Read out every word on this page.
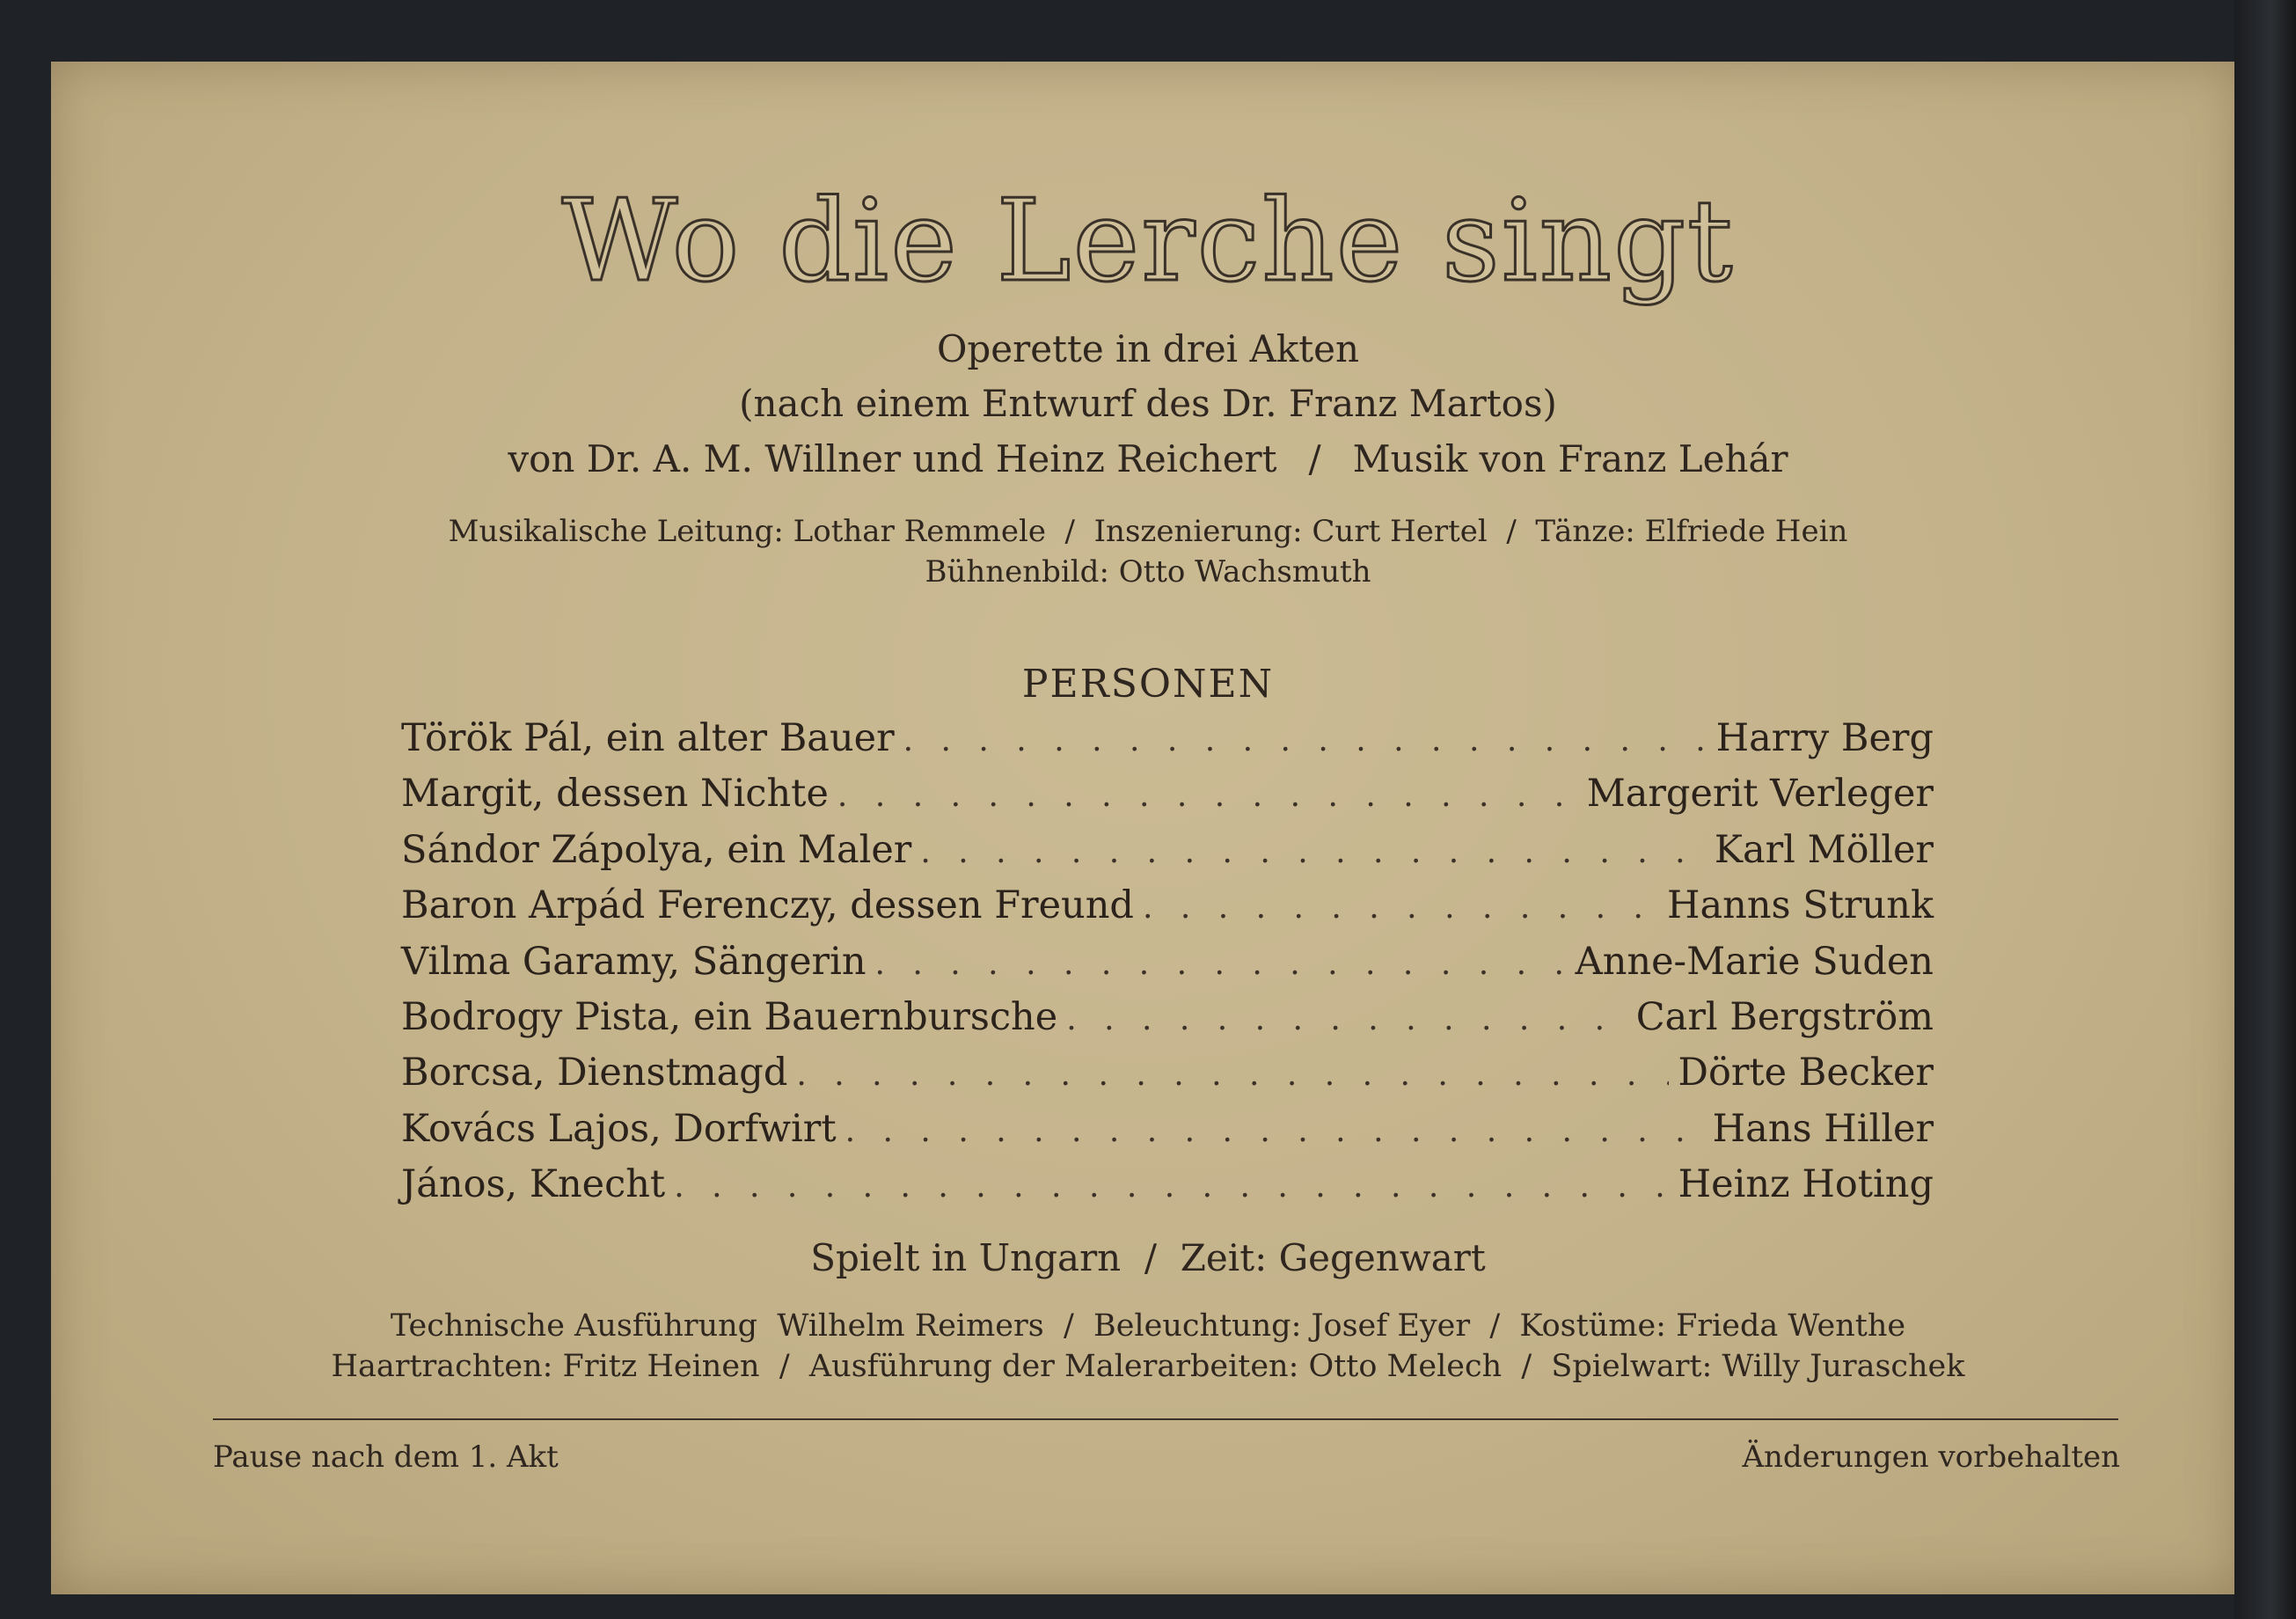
Wo die Lerche singt
Operette in drei Akten
(nach einem Entwurf des Dr. Franz Martos)
von Dr. A. M. Willner und Heinz Reichert / Musik von Franz Lehár
Musikalische Leitung: Lothar Remmele  /  Inszenierung: Curt Hertel  /  Tänze: Elfriede Hein
Bühnenbild: Otto Wachsmuth
PERSONEN
Török Pál, ein alter Bauer . . .	Harry Berg
Margit, dessen Nichte . . .	Margerit Verleger
Sándor Zápolya, ein Maler . . .	Karl Möller
Baron Arpád Ferenczy, dessen Freund . . .	Hanns Strunk
Vilma Garamy, Sängerin . . .	Anne-Marie Suden
Bodrogy Pista, ein Bauernbursche . . .	Carl Bergström
Borcsa, Dienstmagd . . .	Dörte Becker
Kovács Lajos, Dorfwirt . . .	Hans Hiller
János, Knecht . . .	Heinz Hoting
Spielt in Ungarn  /  Zeit: Gegenwart
Technische Ausführung  Wilhelm Reimers  /  Beleuchtung: Josef Eyer  /  Kostüme: Frieda Wenthe
Haartrachten: Fritz Heinen  /  Ausführung der Malerarbeiten: Otto Melech  /  Spielwart: Willy Juraschek
Pause nach dem 1. Akt	Änderungen vorbehalten
